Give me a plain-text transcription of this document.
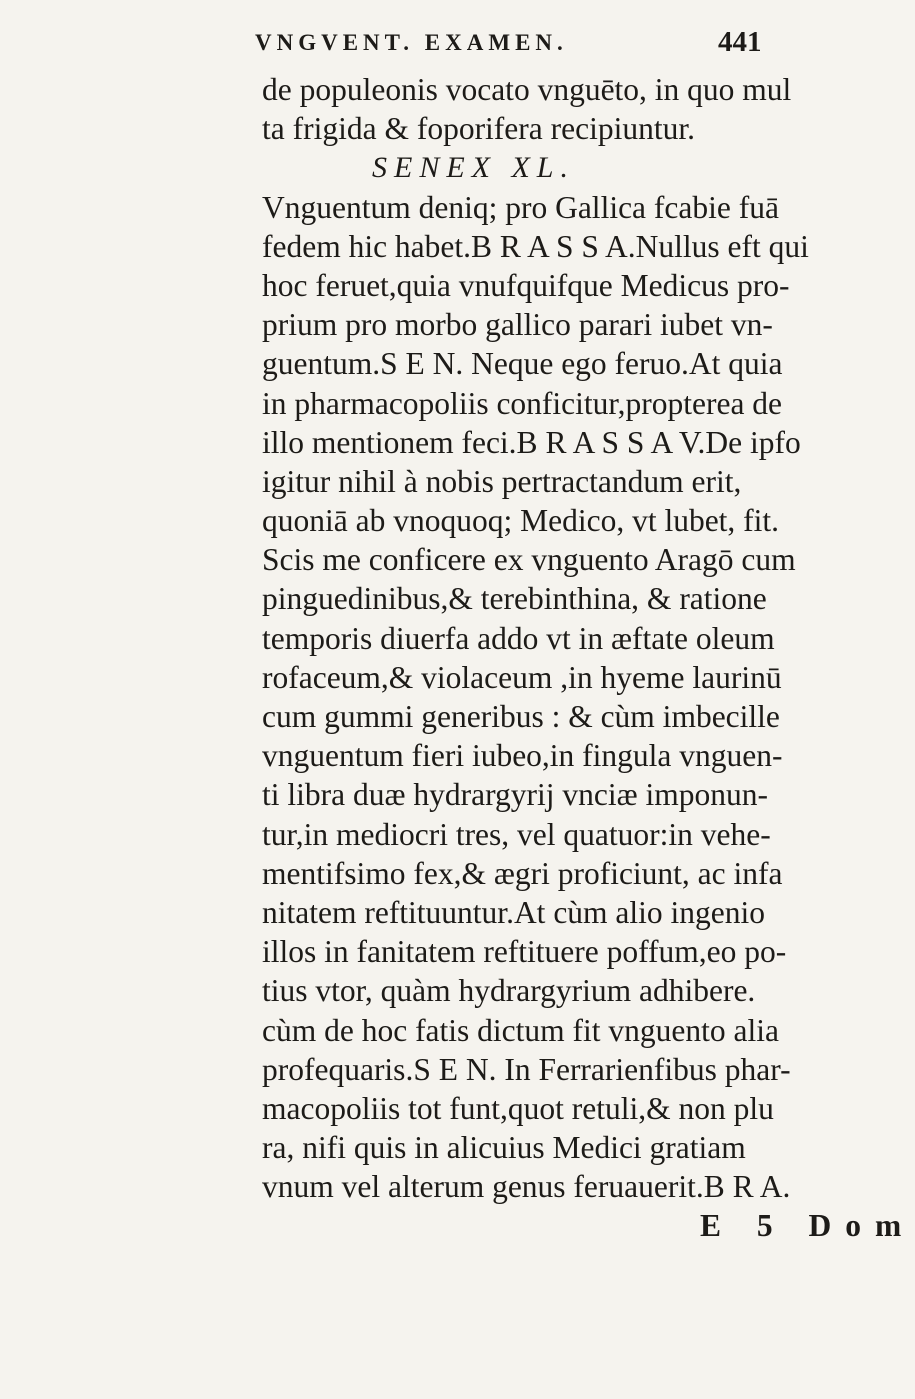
VNGVENT. EXAMEN.	441
de populeonis vocato vnguēto, in quo mul
ta frigida & foporifera recipiuntur.
SENEX XL.
Vnguentum deniq; pro Gallica fcabie fuā
fedem hic habet.B R A S S A.Nullus eft qui
hoc feruet,quia vnufquifque Medicus pro-
prium pro morbo gallico parari iubet vn-
guentum.S E N. Neque ego feruo.At quia
in pharmacopoliis conficitur,propterea de
illo mentionem feci.B R A S S A V.De ipfo
igitur nihil à nobis pertractandum erit,
quoniā ab vnoquoq; Medico, vt lubet, fit.
Scis me conficere ex vnguento Aragō cum
pinguedinibus,& terebinthina, & ratione
temporis diuerfa addo vt in æftate oleum
rofaceum,& violaceum ,in hyeme laurinū
cum gummi generibus : & cùm imbecille
vnguentum fieri iubeo,in fingula vnguen-
ti libra duæ hydrargyrij vnciæ imponun-
tur,in mediocri tres, vel quatuor:in vehe-
mentifsimo fex,& ægri proficiunt, ac infa
nitatem reftituuntur.At cùm alio ingenio
illos in fanitatem reftituere poffum,eo po-
tius vtor, quàm hydrargyrium adhibere.
cùm de hoc fatis dictum fit vnguento alia
profequaris.S E N. In Ferrarienfibus phar-
macopoliis tot funt,quot retuli,& non plu
ra, nifi quis in alicuius Medici gratiam
vnum vel alterum genus feruauerit.B R A.
E 5 Dom
